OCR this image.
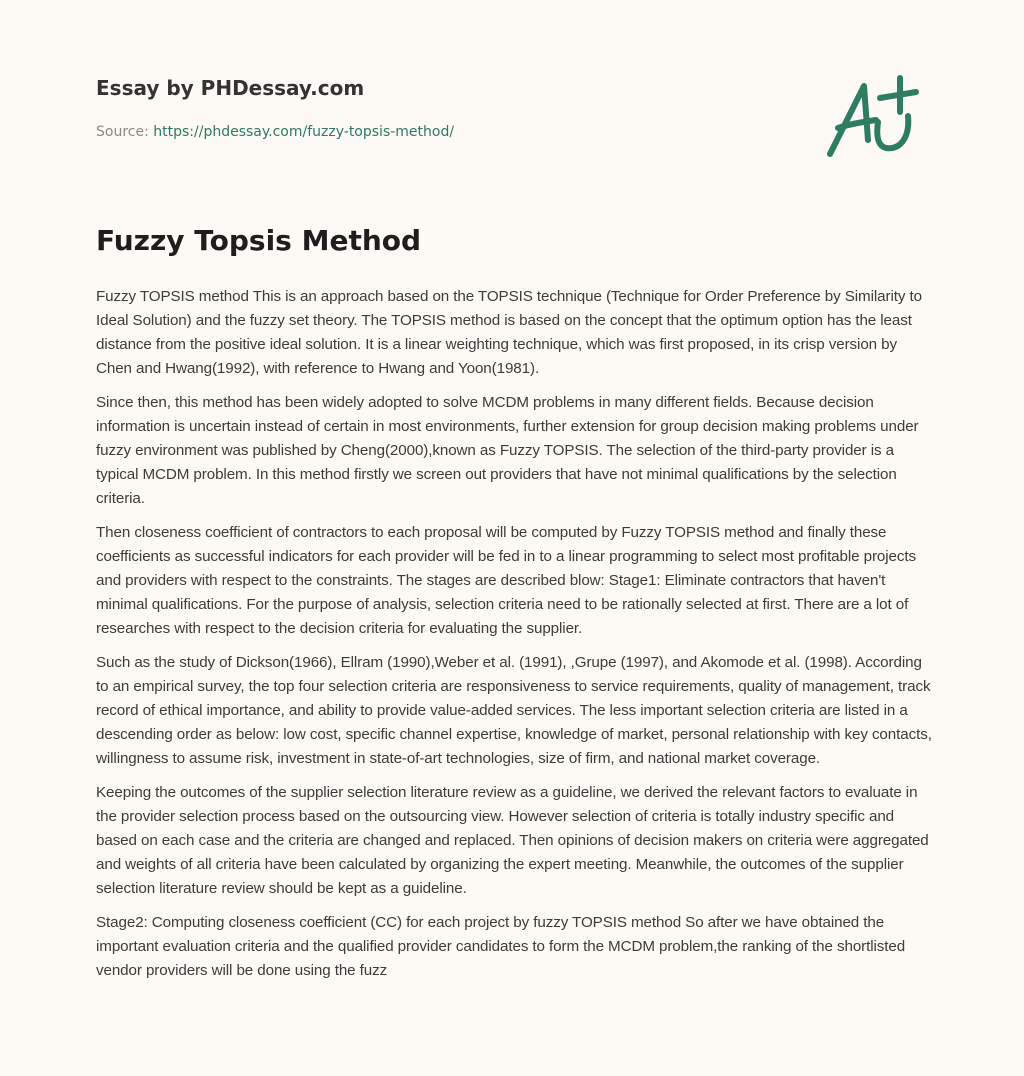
Essay by PHDessay.com
Source: https://phdessay.com/fuzzy-topsis-method/
Fuzzy Topsis Method

Fuzzy TOPSIS method This is an approach based on the TOPSIS technique (Technique for Order Preference by Similarity to Ideal Solution) and the fuzzy set theory. The TOPSIS method is based on the concept that the optimum option has the least distance from the positive ideal solution. It is a linear weighting technique, which was first proposed, in its crisp version by Chen and Hwang(1992), with reference to Hwang and Yoon(1981).

Since then, this method has been widely adopted to solve MCDM problems in many different fields. Because decision information is uncertain instead of certain in most environments, further extension for group decision making problems under fuzzy environment was published by Cheng(2000),known as Fuzzy TOPSIS. The selection of the third-party provider is a typical MCDM problem. In this method firstly we screen out providers that have not minimal qualifications by the selection criteria.

Then closeness coefficient of contractors to each proposal will be computed by Fuzzy TOPSIS method and finally these coefficients as successful indicators for each provider will be fed in to a linear programming to select most profitable projects and providers with respect to the constraints. The stages are described blow: Stage1: Eliminate contractors that haven't minimal qualifications. For the purpose of analysis, selection criteria need to be rationally selected at first. There are a lot of researches with respect to the decision criteria for evaluating the supplier.

Such as the study of Dickson(1966), Ellram (1990),Weber et al. (1991), ,Grupe (1997), and Akomode et al. (1998). According to an empirical survey, the top four selection criteria are responsiveness to service requirements, quality of management, track record of ethical importance, and ability to provide value-added services. The less important selection criteria are listed in a descending order as below: low cost, specific channel expertise, knowledge of market, personal relationship with key contacts, willingness to assume risk, investment in state-of-art technologies, size of firm, and national market coverage.

Keeping the outcomes of the supplier selection literature review as a guideline, we derived the relevant factors to evaluate in the provider selection process based on the outsourcing view. However selection of criteria is totally industry specific and based on each case and the criteria are changed and replaced. Then opinions of decision makers on criteria were aggregated and weights of all criteria have been calculated by organizing the expert meeting. Meanwhile, the outcomes of the supplier selection literature review should be kept as a guideline.

Stage2: Computing closeness coefficient (CC) for each project by fuzzy TOPSIS method So after we have obtained the important evaluation criteria and the qualified provider candidates to form the MCDM problem,the ranking of the shortlisted vendor providers will be done using the fuzz
